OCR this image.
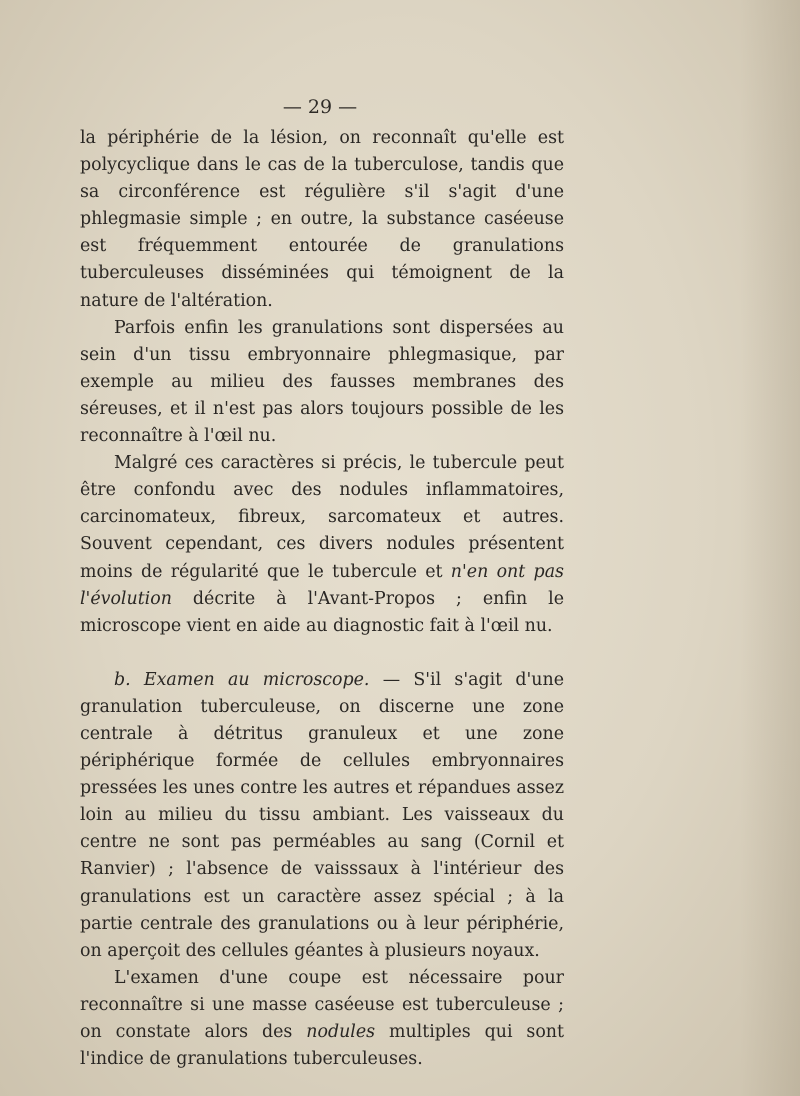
— 29 —

la périphérie de la lésion, on reconnaît qu'elle est polycyclique dans le cas de la tuberculose, tandis que sa circonférence est régulière s'il s'agit d'une phlegmasie simple ; en outre, la substance caséeuse est fréquemment entourée de granulations tuberculeuses disséminées qui témoignent de la nature de l'altération.

Parfois enfin les granulations sont dispersées au sein d'un tissu embryonnaire phlegmasique, par exemple au milieu des fausses membranes des séreuses, et il n'est pas alors toujours possible de les reconnaître à l'œil nu.

Malgré ces caractères si précis, le tubercule peut être confondu avec des nodules inflammatoires, carcinomateux, fibreux, sarcomateux et autres. Souvent cependant, ces divers nodules présentent moins de régularité que le tubercule et n'en ont pas l'évolution décrite à l'Avant-Propos ; enfin le microscope vient en aide au diagnostic fait à l'œil nu.

b. Examen au microscope. — S'il s'agit d'une granulation tuberculeuse, on discerne une zone centrale à détritus granuleux et une zone périphérique formée de cellules embryonnaires pressées les unes contre les autres et répandues assez loin au milieu du tissu ambiant. Les vaisseaux du centre ne sont pas perméables au sang (Cornil et Ranvier) ; l'absence de vaisssaux à l'intérieur des granulations est un caractère assez spécial ; à la partie centrale des granulations ou à leur périphérie, on aperçoit des cellules géantes à plusieurs noyaux.

L'examen d'une coupe est nécessaire pour reconnaître si une masse caséeuse est tuberculeuse ; on constate alors des nodules multiples qui sont l'indice de granulations tuberculeuses.
